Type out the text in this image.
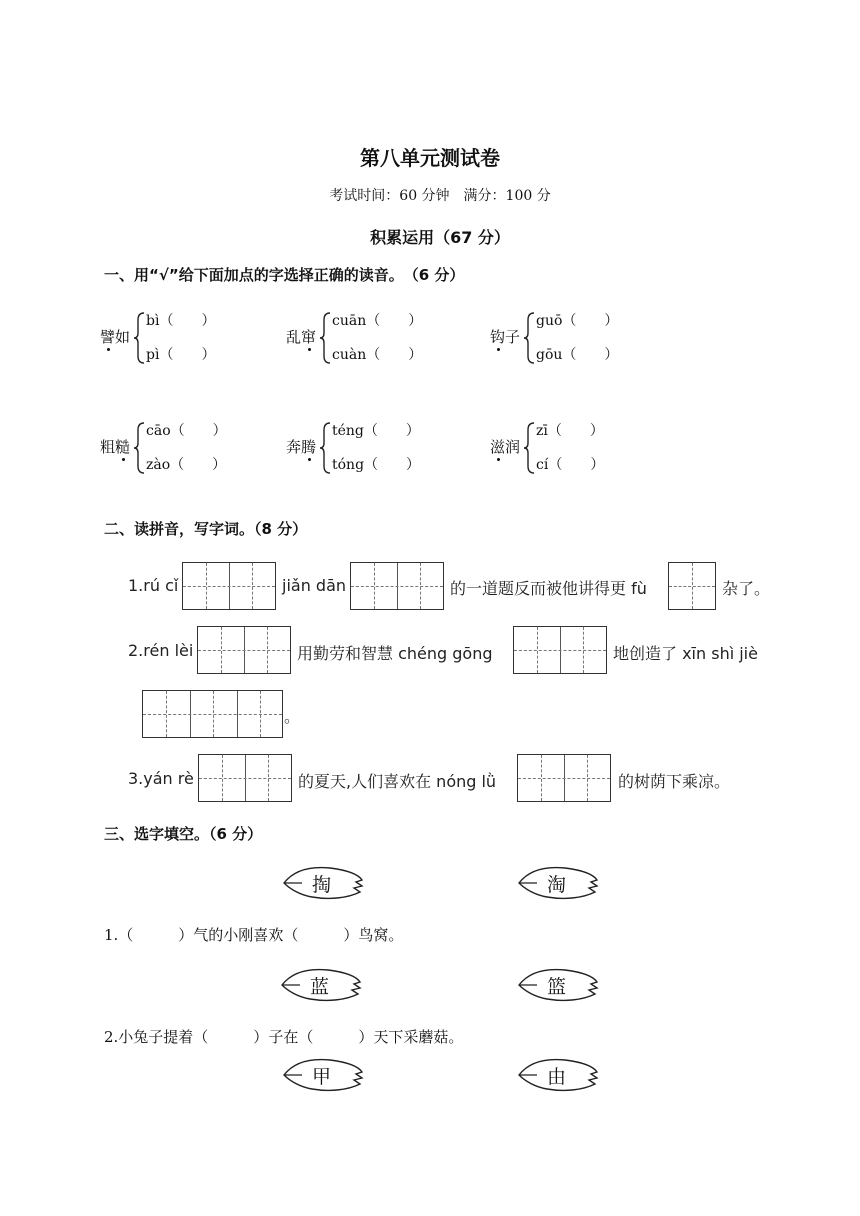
第八单元测试卷
考试时间：60 分钟　满分：100 分
积累运用（67 分）
一、用“√”给下面加点的字选择正确的读音。　（6 分）
譬如
bì（　　）
pì（　　）
乱窜
cuān（　　）
cuàn（　　）
钩子
guō（　　）
gōu（　　）
粗糙
cāo（　　）
zào（　　）
奔腾
téng（　　）
tóng（　　）
滋润
zī（　　）
cí（　　）
二、读拼音，写字词。（8 分）
1.rú cǐ	jiǎn dān	的一道题反而被他讲得更 fù	杂了。
2.rén lèi	用勤劳和智慧 chéng gōng	地创造了 xīn shì jiè
。
3.yán rè	的夏天,人们喜欢在 nóng lǜ	的树荫下乘凉。
三、选字填空。（6 分）
掏	淘
1.（　　　）气的小刚喜欢（　　　）鸟窝。
蓝	篮
2.小兔子提着（　　　）子在（　　　）天下采蘑菇。
甲	由
